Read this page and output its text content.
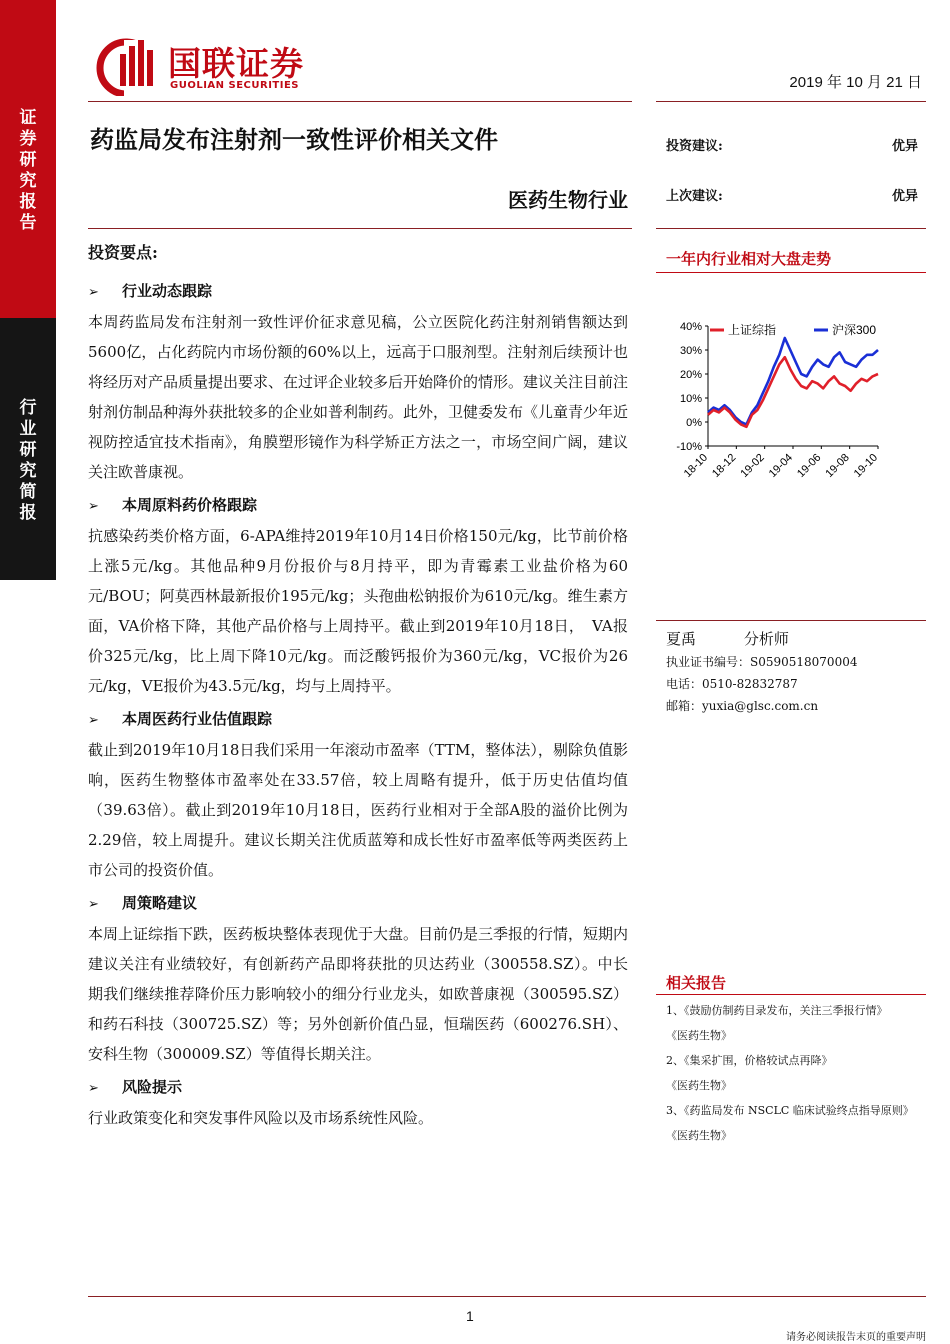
证
券
研
究
报
告
行
业
研
究
简
报
国联证券
GUOLIAN SECURITIES	2019 年 10 月 21 日
药监局发布注射剂一致性评价相关文件
医药生物行业
投资建议:	优异
上次建议:	优异
一年内行业相对大盘走势
40%
30%
20%
10%
0%
-10%
18-10 18-12 19-02 19-04 19-06 19-08 19-10
上证综指	沪深300
投资要点:
➢ 行业动态跟踪

本周药监局发布注射剂一致性评价征求意见稿，公立医院化药注射剂销售额达到5600亿，占化药院内市场份额的60%以上，远高于口服剂型。注射剂后续预计也将经历对产品质量提出要求、在过评企业较多后开始降价的情形。建议关注目前注射剂仿制品种海外获批较多的企业如普利制药。此外，卫健委发布《儿童青少年近视防控适宜技术指南》，角膜塑形镜作为科学矫正方法之一，市场空间广阔，建议关注欧普康视。

➢ 本周原料药价格跟踪

抗感染药类价格方面，6-APA维持2019年10月14日价格150元/kg，比节前价格上涨5元/kg。其他品种9月份报价与8月持平，即为青霉素工业盐价格为60元/BOU；阿莫西林最新报价195元/kg；头孢曲松钠报价为610元/kg。维生素方面，VA价格下降，其他产品价格与上周持平。截止到2019年10月18日，　VA报价325元/kg，比上周下降10元/kg。而泛酸钙报价为360元/kg，VC报价为26元/kg，VE报价为43.5元/kg，均与上周持平。

➢ 本周医药行业估值跟踪

截止到2019年10月18日我们采用一年滚动市盈率（TTM，整体法），剔除负值影响，医药生物整体市盈率处在33.57倍，较上周略有提升，低于历史估值均值（39.63倍）。截止到2019年10月18日，医药行业相对于全部A股的溢价比例为2.29倍，较上周提升。建议长期关注优质蓝筹和成长性好市盈率低等两类医药上市公司的投资价值。

➢ 周策略建议

本周上证综指下跌，医药板块整体表现优于大盘。目前仍是三季报的行情，短期内建议关注有业绩较好，有创新药产品即将获批的贝达药业（300558.SZ）。中长期我们继续推荐降价压力影响较小的细分行业龙头，如欧普康视（300595.SZ）和药石科技（300725.SZ）等；另外创新价值凸显，恒瑞医药（600276.SH）、安科生物（300009.SZ）等值得长期关注。

➢ 风险提示

行业政策变化和突发事件风险以及市场系统性风险。

夏禹	分析师
执业证书编号：S0590518070004
电话：0510-82832787
邮箱：yuxia@glsc.com.cn
相关报告
1、《鼓励仿制药目录发布，关注三季报行情》
《医药生物》
2、《集采扩围，价格较试点再降》
《医药生物》
3、《药监局发布 NSCLC 临床试验终点指导原则》
《医药生物》
1
请务必阅读报告末页的重要声明
